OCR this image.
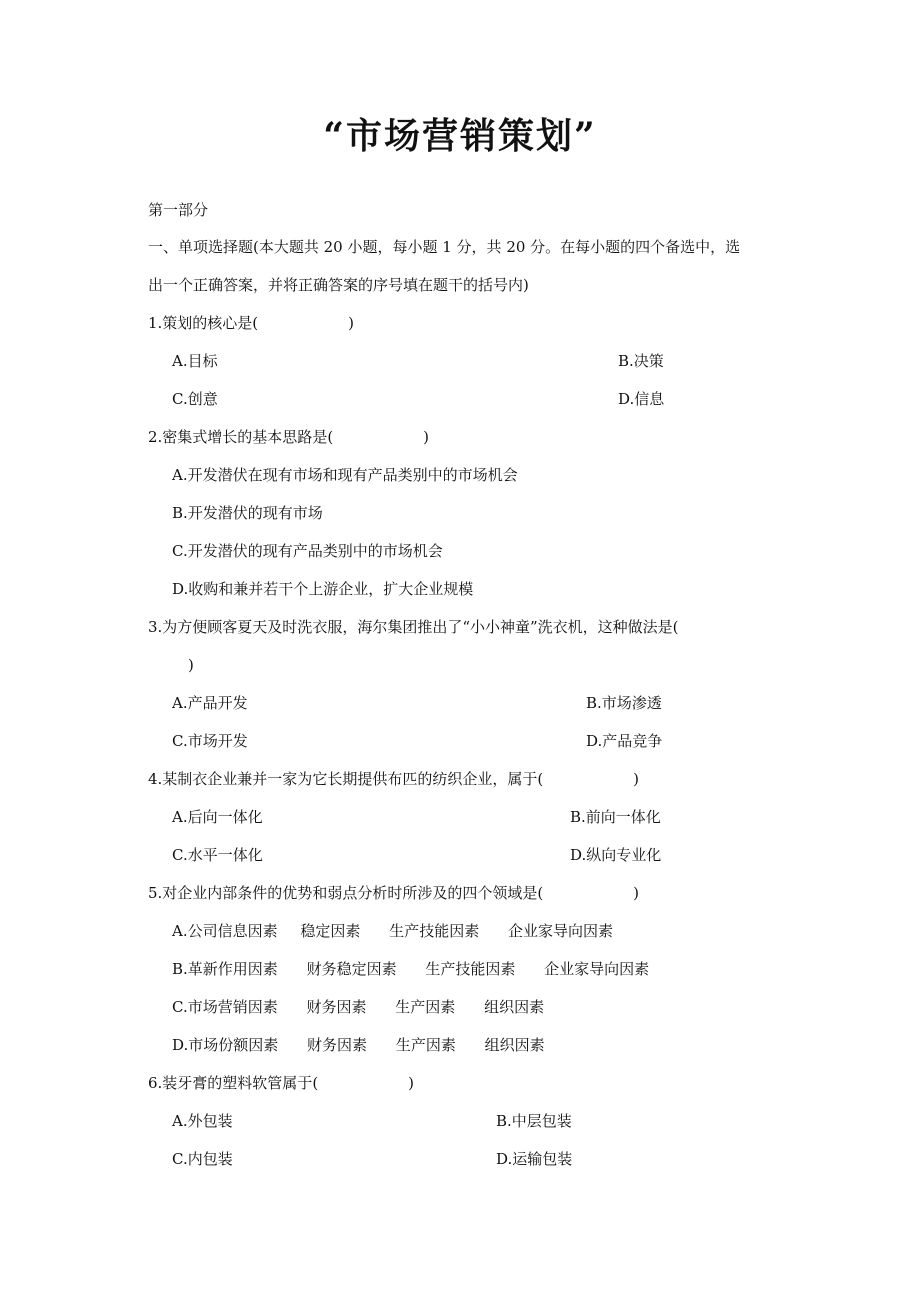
“市场营销策划”
第一部分
一、单项选择题(本大题共 20 小题，每小题 1 分，共 20 分。在每小题的四个备选中，选
出一个正确答案，并将正确答案的序号填在题干的括号内)
1.策划的核心是(　　　　　　)
A.目标	B.决策
C.创意	D.信息
2.密集式增长的基本思路是(　　　　　　)
A.开发潜伏在现有市场和现有产品类别中的市场机会
B.开发潜伏的现有市场
C.开发潜伏的现有产品类别中的市场机会
D.收购和兼并若干个上游企业，扩大企业规模
3.为方便顾客夏天及时洗衣服，海尔集团推出了“小小神童”洗衣机，这种做法是(
)
A.产品开发	B.市场渗透
C.市场开发	D.产品竞争
4.某制衣企业兼并一家为它长期提供布匹的纺织企业，属于(　　　　　　)
A.后向一体化	B.前向一体化
C.水平一体化	D.纵向专业化
5.对企业内部条件的优势和弱点分析时所涉及的四个领域是(　　　　　　)
A.公司信息因素 稳定因素 生产技能因素 企业家导向因素
B.革新作用因素 财务稳定因素 生产技能因素 企业家导向因素
C.市场营销因素 财务因素 生产因素 组织因素
D.市场份额因素 财务因素 生产因素 组织因素
6.装牙膏的塑料软管属于(　　　　　　)
A.外包装	B.中层包装
C.内包装	D.运输包装
